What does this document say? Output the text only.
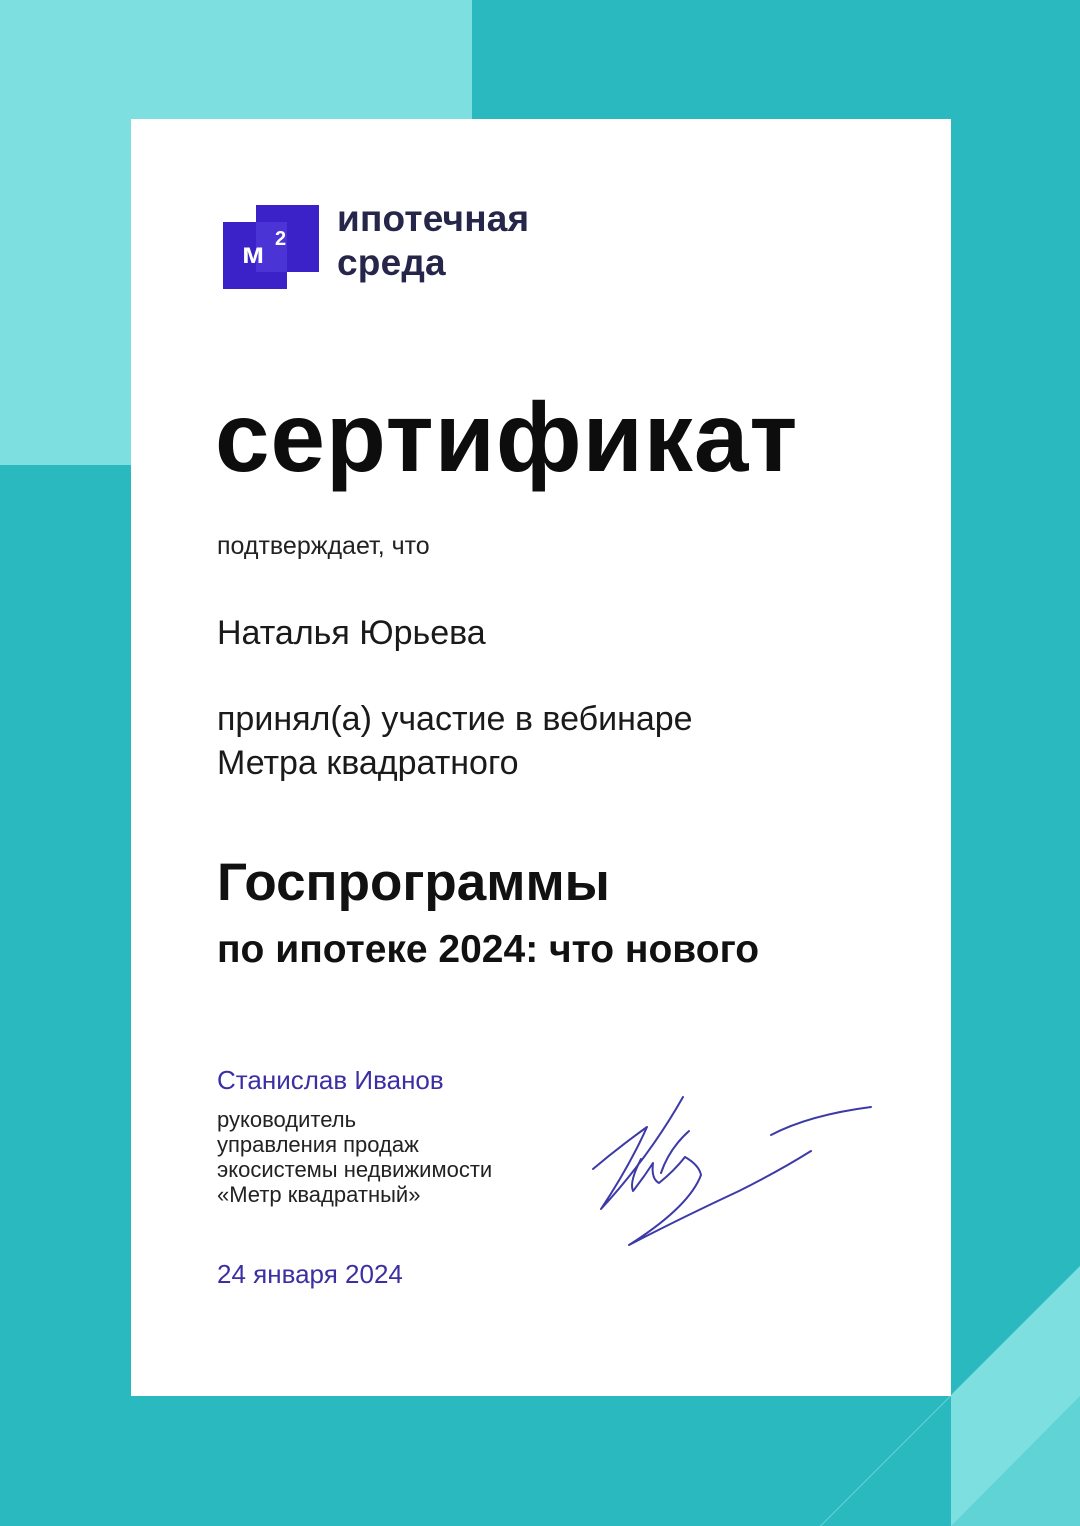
м 2 ипотечная
среда
сертификат
подтверждает, что
Наталья Юрьева
принял(а) участие в вебинаре
Метра квадратного
Госпрограммы
по ипотеке 2024: что нового
Станислав Иванов
руководитель
управления продаж
экосистемы недвижимости
«Метр квадратный»
24 января 2024
